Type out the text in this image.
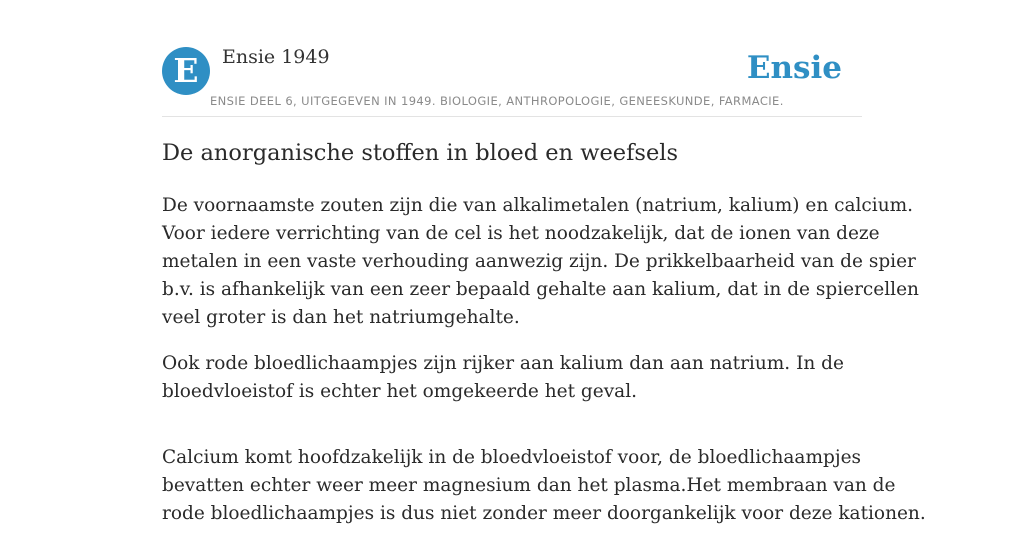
E	Ensie 1949
ENSIE DEEL 6, UITGEGEVEN IN 1949. BIOLOGIE, ANTHROPOLOGIE, GENEESKUNDE, FARMACIE.
Ensie
De anorganische stoffen in bloed en weefsels

De voornaamste zouten zijn die van alkalimetalen (natrium, kalium) en calcium.
Voor iedere verrichting van de cel is het noodzakelijk, dat de ionen van deze
metalen in een vaste verhouding aanwezig zijn. De prikkelbaarheid van de spier
b.v. is afhankelijk van een zeer bepaald gehalte aan kalium, dat in de spiercellen
veel groter is dan het natriumgehalte.

Ook rode bloedlichaampjes zijn rijker aan kalium dan aan natrium. In de
bloedvloeistof is echter het omgekeerde het geval.

Calcium komt hoofdzakelijk in de bloedvloeistof voor, de bloedlichaampjes
bevatten echter weer meer magnesium dan het plasma.Het membraan van de
rode bloedlichaampjes is dus niet zonder meer doorgankelijk voor deze kationen.
